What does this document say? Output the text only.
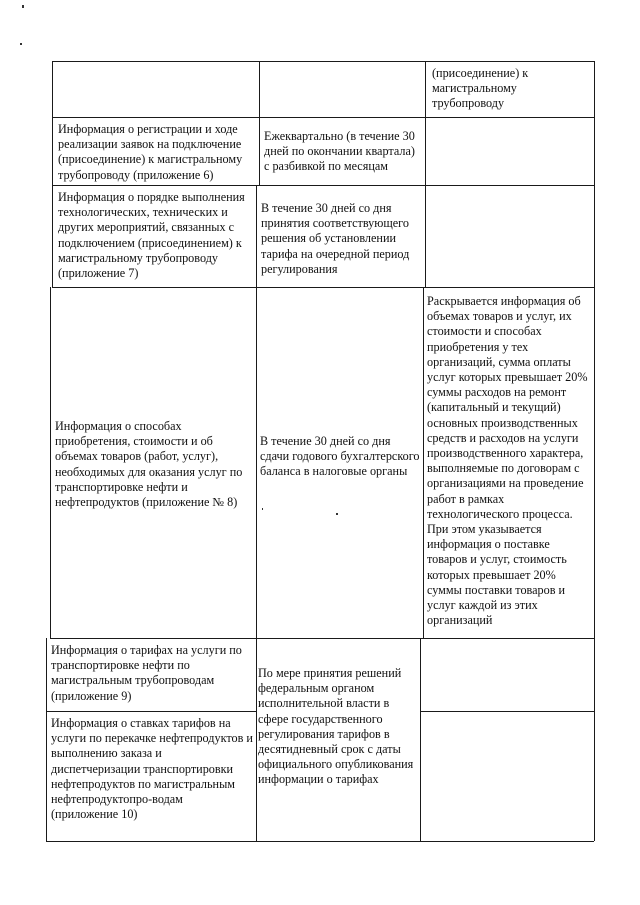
(присоединение) к магистральному трубопроводу
Информация о регистрации и ходе реализации заявок на подключение (присоединение) к магистральному трубопроводу (приложение 6)
Ежеквартально (в течение 30 дней по окончании квартала) с разбивкой по месяцам
Информация о порядке выполнения технологических, технических и других мероприятий, связанных с подключением (присоединением) к магистральному трубопроводу (приложение 7)
В течение 30 дней со дня принятия соответствующего решения об установлении тарифа на очередной период регулирования
Информация о способах приобретения, стоимости и об объемах товаров (работ, услуг), необходимых для оказания услуг по транспортировке нефти и нефтепродуктов (приложение № 8)
В течение 30 дней со дня сдачи годового бухгалтерского баланса в налоговые органы
Раскрывается информация об объемах товаров и услуг, их стоимости и способах приобретения у тех организаций, сумма оплаты услуг которых превышает 20% суммы расходов на ремонт (капитальный и текущий) основных производственных средств и расходов на услуги производственного характера, выполняемые по договорам с организациями на проведение работ в рамках технологического процесса. При этом указывается информация о поставке товаров и услуг, стоимость которых превышает 20% суммы поставки товаров и услуг каждой из этих организаций
Информация о тарифах на услуги по транспортировке нефти по магистральным трубопроводам (приложение 9)
Информация о ставках тарифов на услуги по перекачке нефтепродуктов и выполнению заказа и диспетчеризации транспортировки нефтепродуктов по магистральным нефтепродуктопро-водам (приложение 10)
По мере принятия решений федеральным органом исполнительной власти в сфере государственного регулирования тарифов в десятидневный срок с даты официального опубликования информации о тарифах
